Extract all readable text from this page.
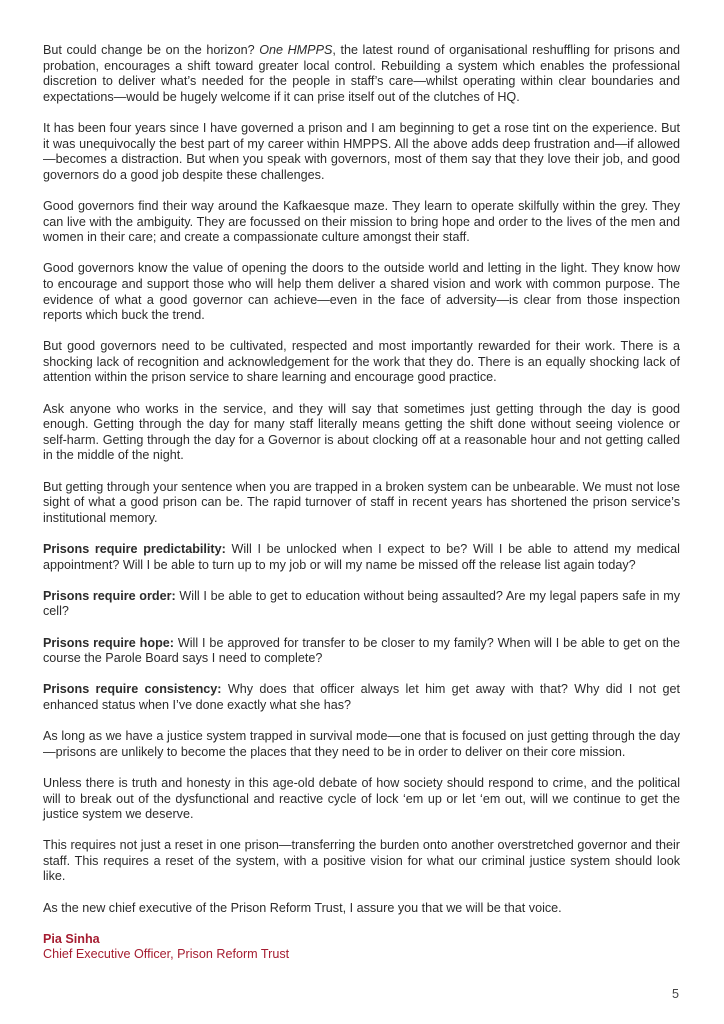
But could change be on the horizon? One HMPPS, the latest round of organisational reshuffling for prisons and probation, encourages a shift toward greater local control. Rebuilding a system which enables the professional discretion to deliver what’s needed for the people in staff’s care—whilst operating within clear boundaries and expectations—would be hugely welcome if it can prise itself out of the clutches of HQ.

It has been four years since I have governed a prison and I am beginning to get a rose tint on the experience. But it was unequivocally the best part of my career within HMPPS. All the above adds deep frustration and—if allowed—becomes a distraction. But when you speak with governors, most of them say that they love their job, and good governors do a good job despite these challenges.

Good governors find their way around the Kafkaesque maze. They learn to operate skilfully within the grey. They can live with the ambiguity. They are focussed on their mission to bring hope and order to the lives of the men and women in their care; and create a compassionate culture amongst their staff.

Good governors know the value of opening the doors to the outside world and letting in the light. They know how to encourage and support those who will help them deliver a shared vision and work with common purpose. The evidence of what a good governor can achieve—even in the face of adversity—is clear from those inspection reports which buck the trend.

But good governors need to be cultivated, respected and most importantly rewarded for their work. There is a shocking lack of recognition and acknowledgement for the work that they do. There is an equally shocking lack of attention within the prison service to share learning and encourage good practice.

Ask anyone who works in the service, and they will say that sometimes just getting through the day is good enough. Getting through the day for many staff literally means getting the shift done without seeing violence or self-harm. Getting through the day for a Governor is about clocking off at a reasonable hour and not getting called in the middle of the night.

But getting through your sentence when you are trapped in a broken system can be unbearable. We must not lose sight of what a good prison can be. The rapid turnover of staff in recent years has shortened the prison service’s institutional memory.

Prisons require predictability: Will I be unlocked when I expect to be? Will I be able to attend my medical appointment? Will I be able to turn up to my job or will my name be missed off the release list again today?

Prisons require order: Will I be able to get to education without being assaulted? Are my legal papers safe in my cell?

Prisons require hope: Will I be approved for transfer to be closer to my family? When will I be able to get on the course the Parole Board says I need to complete?

Prisons require consistency: Why does that officer always let him get away with that? Why did I not get enhanced status when I’ve done exactly what she has?

As long as we have a justice system trapped in survival mode—one that is focused on just getting through the day—prisons are unlikely to become the places that they need to be in order to deliver on their core mission.

Unless there is truth and honesty in this age-old debate of how society should respond to crime, and the political will to break out of the dysfunctional and reactive cycle of lock ‘em up or let ‘em out, will we continue to get the justice system we deserve.

This requires not just a reset in one prison—transferring the burden onto another overstretched governor and their staff. This requires a reset of the system, with a positive vision for what our criminal justice system should look like.

As the new chief executive of the Prison Reform Trust, I assure you that we will be that voice.

Pia Sinha

Chief Executive Officer, Prison Reform Trust

5
